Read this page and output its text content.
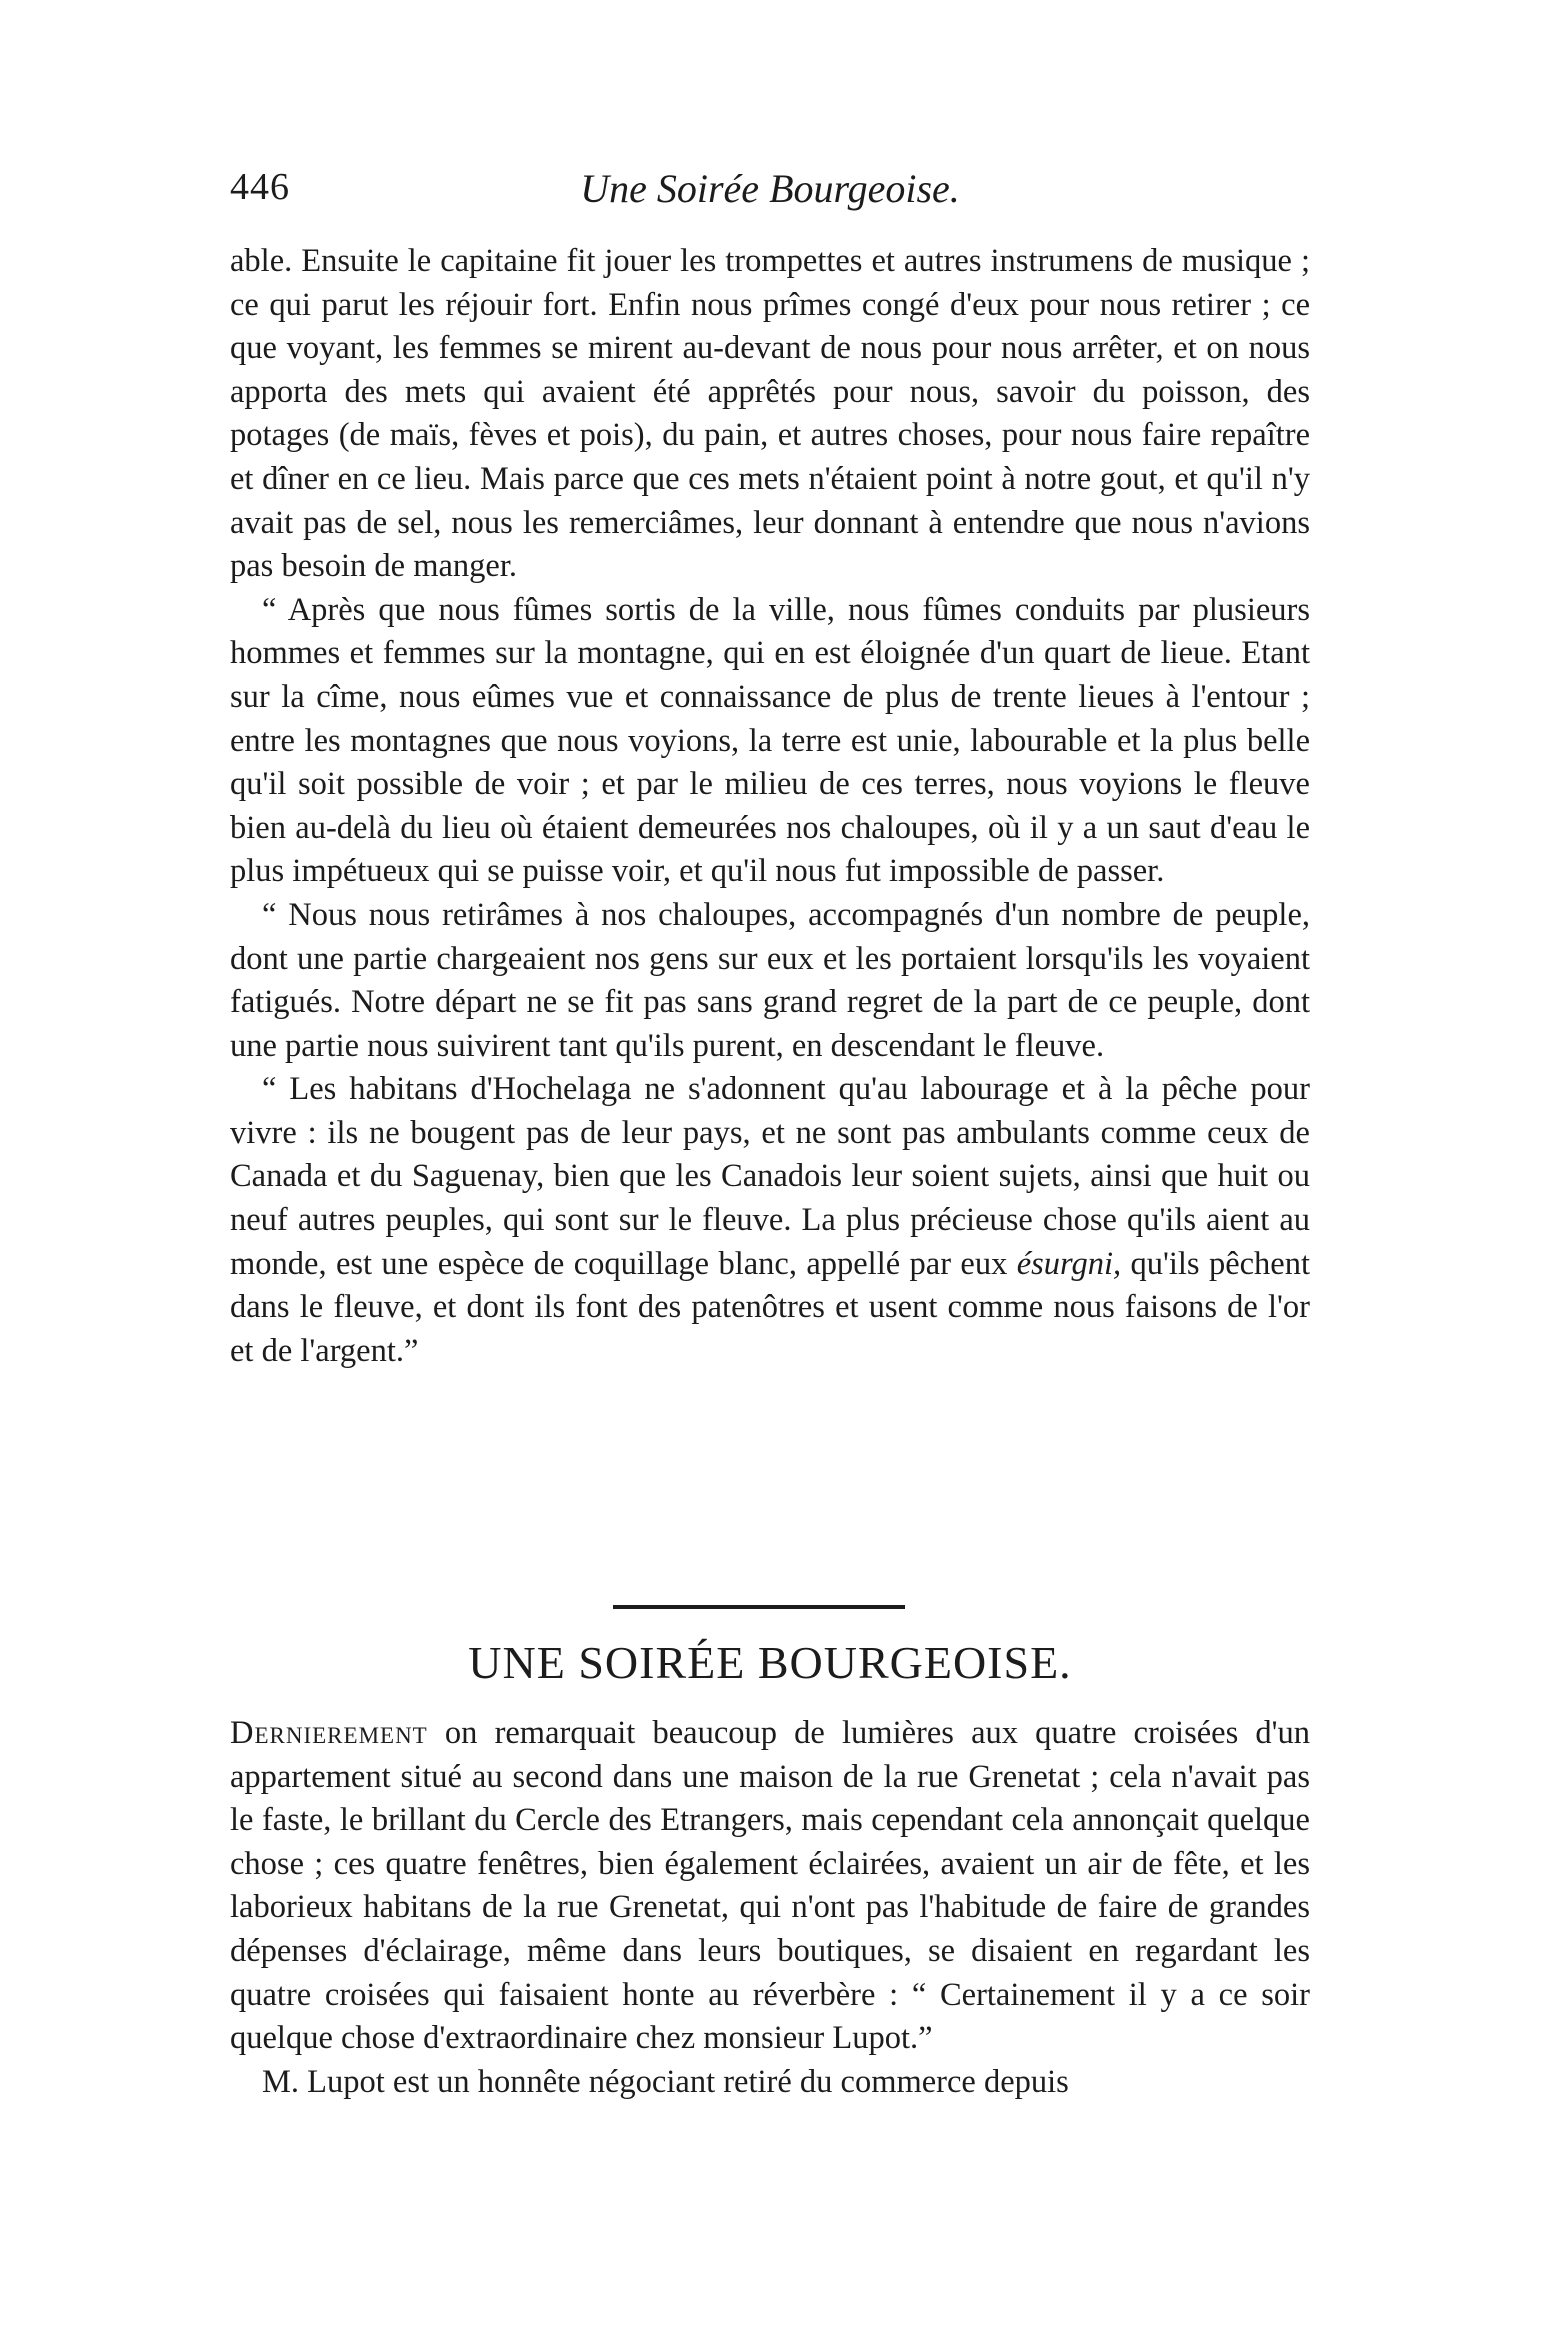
446	Une Soirée Bourgeoise.

able. Ensuite le capitaine fit jouer les trompettes et autres instrumens de musique ; ce qui parut les réjouir fort. Enfin nous prîmes congé d'eux pour nous retirer ; ce que voyant, les femmes se mirent au-devant de nous pour nous arrêter, et on nous apporta des mets qui avaient été apprêtés pour nous, savoir du poisson, des potages (de maïs, fèves et pois), du pain, et autres choses, pour nous faire repaître et dîner en ce lieu. Mais parce que ces mets n'étaient point à notre gout, et qu'il n'y avait pas de sel, nous les remerciâmes, leur donnant à entendre que nous n'avions pas besoin de manger.

“ Après que nous fûmes sortis de la ville, nous fûmes conduits par plusieurs hommes et femmes sur la montagne, qui en est éloignée d'un quart de lieue. Etant sur la cîme, nous eûmes vue et connaissance de plus de trente lieues à l'entour ; entre les montagnes que nous voyions, la terre est unie, labourable et la plus belle qu'il soit possible de voir ; et par le milieu de ces terres, nous voyions le fleuve bien au-delà du lieu où étaient demeurées nos chaloupes, où il y a un saut d'eau le plus impétueux qui se puisse voir, et qu'il nous fut impossible de passer.

“ Nous nous retirâmes à nos chaloupes, accompagnés d'un nombre de peuple, dont une partie chargeaient nos gens sur eux et les portaient lorsqu'ils les voyaient fatigués. Notre départ ne se fit pas sans grand regret de la part de ce peuple, dont une partie nous suivirent tant qu'ils purent, en descendant le fleuve.

“ Les habitans d'Hochelaga ne s'adonnent qu'au labourage et à la pêche pour vivre : ils ne bougent pas de leur pays, et ne sont pas ambulants comme ceux de Canada et du Saguenay, bien que les Canadois leur soient sujets, ainsi que huit ou neuf autres peuples, qui sont sur le fleuve. La plus précieuse chose qu'ils aient au monde, est une espèce de coquillage blanc, appellé par eux ésurgni, qu'ils pêchent dans le fleuve, et dont ils font des patenôtres et usent comme nous faisons de l'or et de l'argent.”

UNE SOIRÉE BOURGEOISE.

Dernierement on remarquait beaucoup de lumières aux quatre croisées d'un appartement situé au second dans une maison de la rue Grenetat ; cela n'avait pas le faste, le brillant du Cercle des Etrangers, mais cependant cela annonçait quelque chose ; ces quatre fenêtres, bien également éclairées, avaient un air de fête, et les laborieux habitans de la rue Grenetat, qui n'ont pas l'habitude de faire de grandes dépenses d'éclairage, même dans leurs boutiques, se disaient en regardant les quatre croisées qui faisaient honte au réverbère : “ Certainement il y a ce soir quelque chose d'extraordinaire chez monsieur Lupot.”

M. Lupot est un honnête négociant retiré du commerce depuis
